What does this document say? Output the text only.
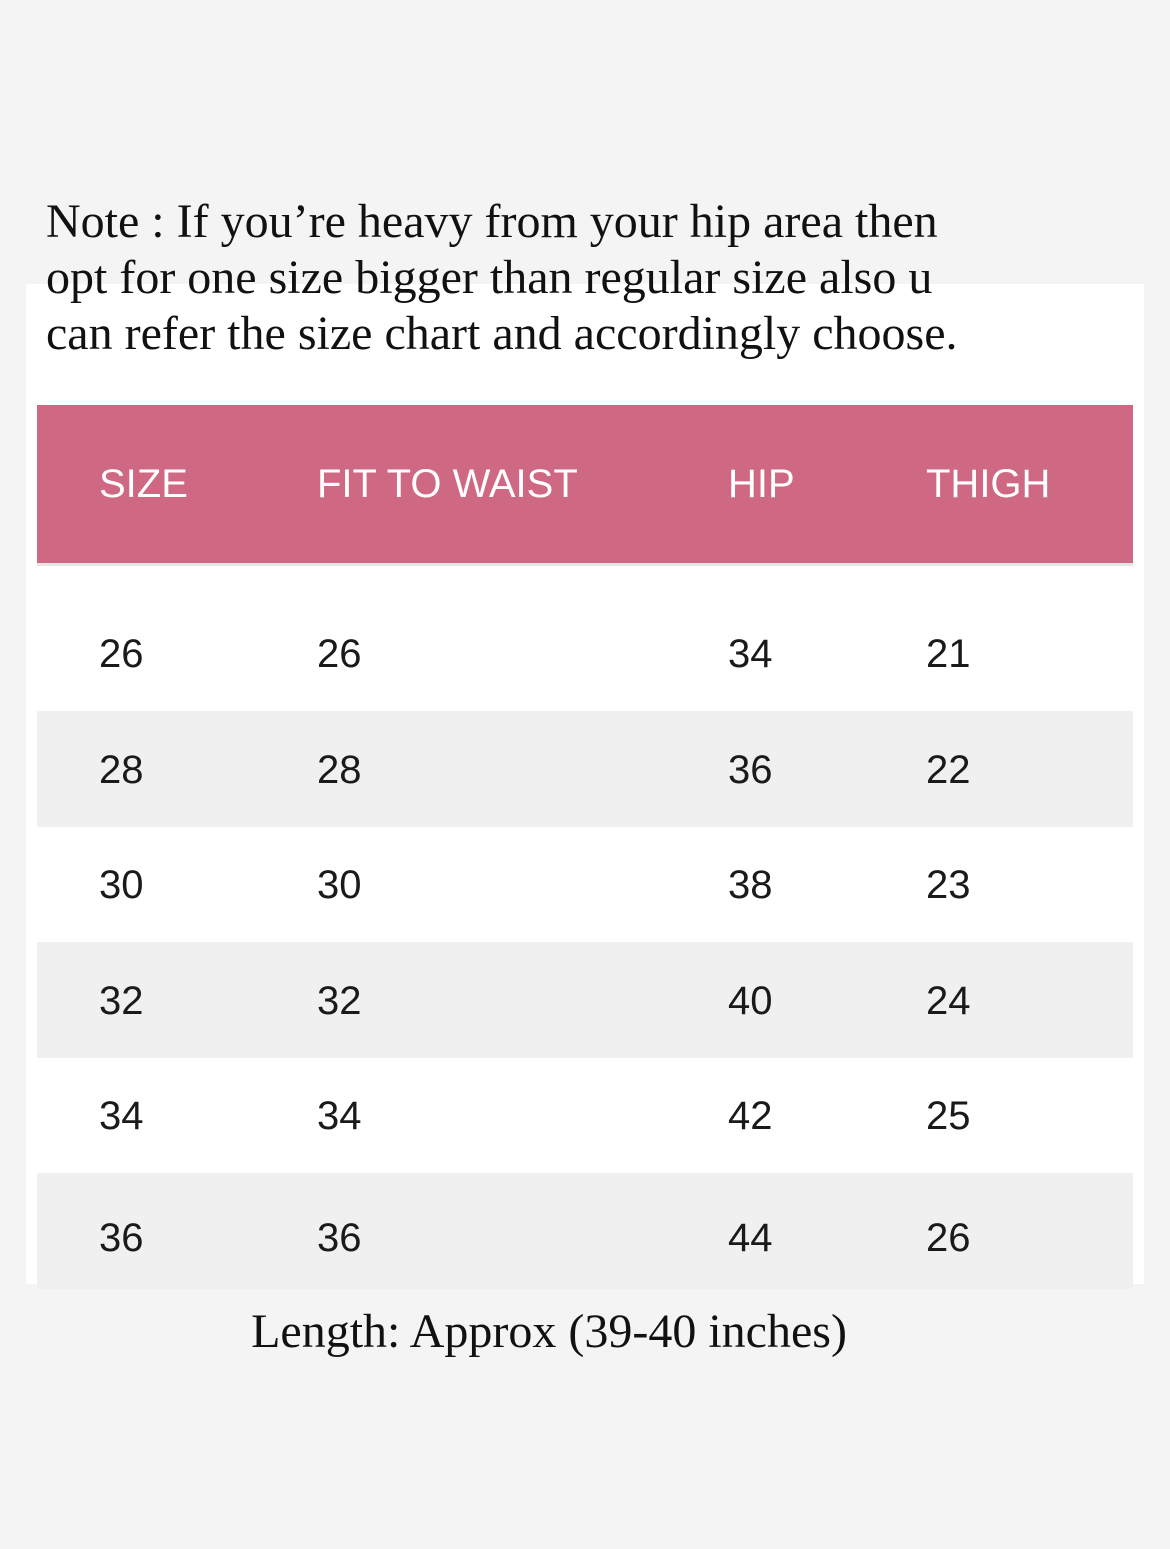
Note : If you’re heavy from your hip area then
opt for one size bigger than regular size also u
can refer the size chart and accordingly choose.

SIZE	FIT TO WAIST	HIP	THIGH
26	26	34	21
28	28	36	22
30	30	38	23
32	32	40	24
34	34	42	25
36	36	44	26
Length: Approx (39-40 inches)
